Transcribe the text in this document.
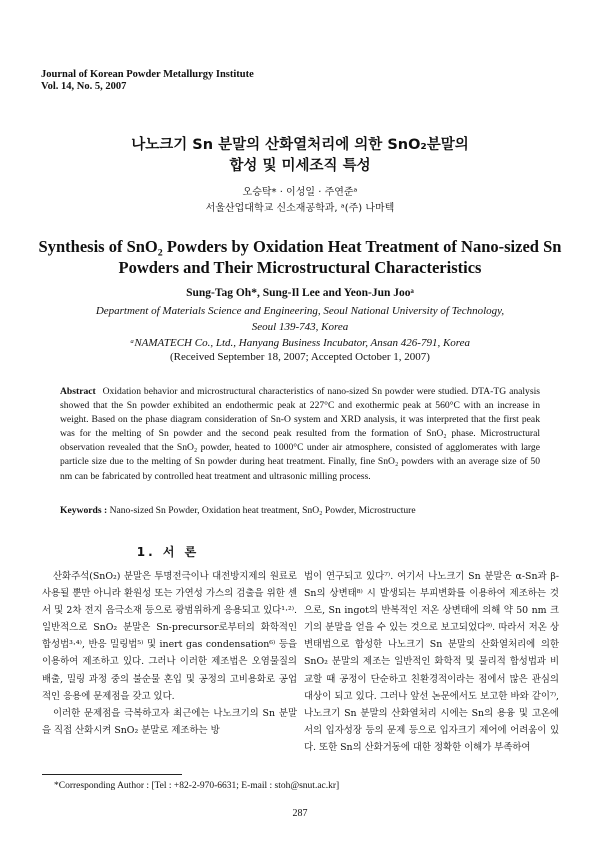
Journal of Korean Powder Metallurgy Institute
Vol. 14, No. 5, 2007
나노크기 Sn 분말의 산화열처리에 의한 SnO₂분말의
합성 및 미세조직 특성
오승탁* · 이성일 · 주연준ᵃ
서울산업대학교 신소재공학과, ᵃ(주) 나마텍
Synthesis of SnO₂ Powders by Oxidation Heat Treatment of Nano-sized Sn
Powders and Their Microstructural Characteristics
Sung-Tag Oh*, Sung-Il Lee and Yeon-Jun Jooᵃ
Department of Materials Science and Engineering, Seoul National University of Technology,
Seoul 139-743, Korea
ᵃNAMATECH Co., Ltd., Hanyang Business Incubator, Ansan 426-791, Korea
(Received September 18, 2007; Accepted October 1, 2007)
Abstract Oxidation behavior and microstructural characteristics of nano-sized Sn powder were studied. DTA-TG analysis showed that the Sn powder exhibited an endothermic peak at 227°C and exothermic peak at 560°C with an increase in weight. Based on the phase diagram consideration of Sn-O system and XRD analysis, it was interpreted that the first peak was for the melting of Sn powder and the second peak resulted from the formation of SnO₂ phase. Microstructural observation revealed that the SnO₂ powder, heated to 1000°C under air atmosphere, consisted of agglomerates with large particle size due to the melting of Sn powder during heat treatment. Finally, fine SnO₂ powders with an average size of 50 nm can be fabricated by controlled heat treatment and ultrasonic milling process.
Keywords : Nano-sized Sn Powder, Oxidation heat treatment, SnO₂ Powder, Microstructure
1. 서 론

산화주석(SnO₂) 분말은 투명전극이나 대전방지제의 원료로 사용될 뿐만 아니라 환원성 또는 가연성 가스의 검출을 위한 센서 및 2차 전지 음극소재 등으로 광범위하게 응용되고 있다¹·²⁾. 일반적으로 SnO₂ 분말은 Sn-precursor로부터의 화학적인 합성법³·⁴⁾, 반응 밀링법⁵⁾ 및 inert gas condensation⁶⁾ 등을 이용하여 제조하고 있다. 그러나 이러한 제조법은 오염물질의 배출, 밀링 과정 중의 불순물 혼입 및 공정의 고비용화로 공업적인 응용에 문제점을 갖고 있다.

이러한 문제점을 극복하고자 최근에는 나노크기의 Sn 분말을 직접 산화시켜 SnO₂ 분말로 제조하는 방

법이 연구되고 있다⁷⁾. 여기서 나노크기 Sn 분말은 α-Sn과 β-Sn의 상변태⁸⁾ 시 발생되는 부피변화를 이용하여 제조하는 것으로, Sn ingot의 반복적인 저온 상변태에 의해 약 50 nm 크기의 분말을 얻을 수 있는 것으로 보고되었다⁹⁾. 따라서 저온 상변태법으로 합성한 나노크기 Sn 분말의 산화열처리에 의한 SnO₂ 분말의 제조는 일반적인 화학적 및 물리적 합성법과 비교할 때 공정이 단순하고 친환경적이라는 점에서 많은 관심의 대상이 되고 있다. 그러나 앞선 논문에서도 보고한 바와 같이⁷⁾, 나노크기 Sn 분말의 산화열처리 시에는 Sn의 용융 및 고온에서의 입자성장 등의 문제 등으로 입자크기 제어에 어려움이 있다. 또한 Sn의 산화거동에 대한 정확한 이해가 부족하여

*Corresponding Author : [Tel : +82-2-970-6631; E-mail : stoh@snut.ac.kr]
287
